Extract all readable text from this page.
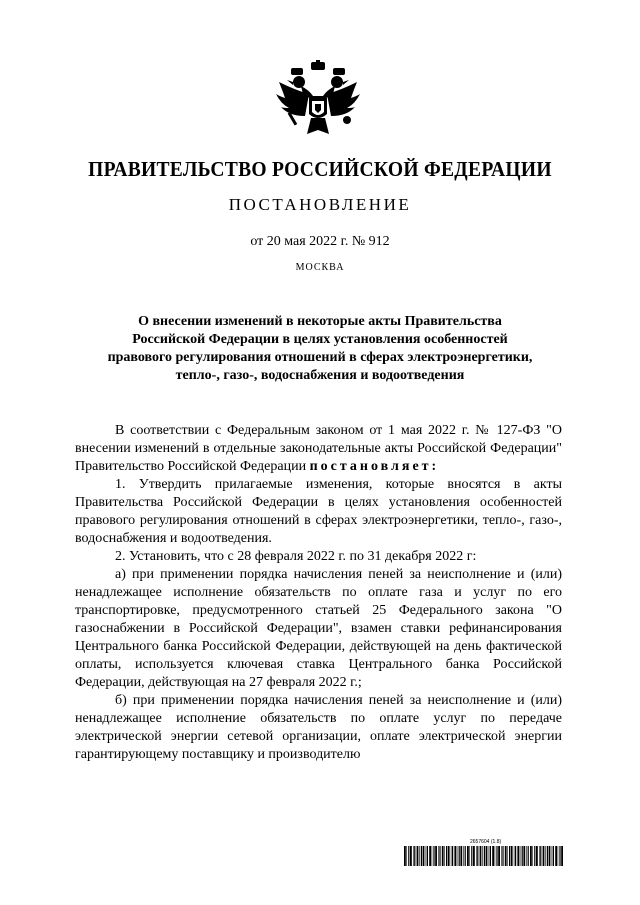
ПРАВИТЕЛЬСТВО РОССИЙСКОЙ ФЕДЕРАЦИИ
ПОСТАНОВЛЕНИЕ
от 20 мая 2022 г. № 912
МОСКВА
О внесении изменений в некоторые акты Правительства
Российской Федерации в целях установления особенностей
правового регулирования отношений в сферах электроэнергетики,
тепло-, газо-, водоснабжения и водоотведения

В соответствии с Федеральным законом от 1 мая 2022 г. № 127-ФЗ "О внесении изменений в отдельные законодательные акты Российской Федерации" Правительство Российской Федерации постановляет:

1. Утвердить прилагаемые изменения, которые вносятся в акты Правительства Российской Федерации в целях установления особенностей правового регулирования отношений в сферах электроэнергетики, тепло-, газо-, водоснабжения и водоотведения.

2. Установить, что с 28 февраля 2022 г. по 31 декабря 2022 г:

а) при применении порядка начисления пеней за неисполнение и (или) ненадлежащее исполнение обязательств по оплате газа и услуг по его транспортировке, предусмотренного статьей 25 Федерального закона "О газоснабжении в Российской Федерации", взамен ставки рефинансирования Центрального банка Российской Федерации, действующей на день фактической оплаты, используется ключевая ставка Центрального банка Российской Федерации, действующая на 27 февраля 2022 г.;

б) при применении порядка начисления пеней за неисполнение и (или) ненадлежащее исполнение обязательств по оплате услуг по передаче электрической энергии сетевой организации, оплате электрической энергии гарантирующему поставщику и производителю

2657604 (1.8)
